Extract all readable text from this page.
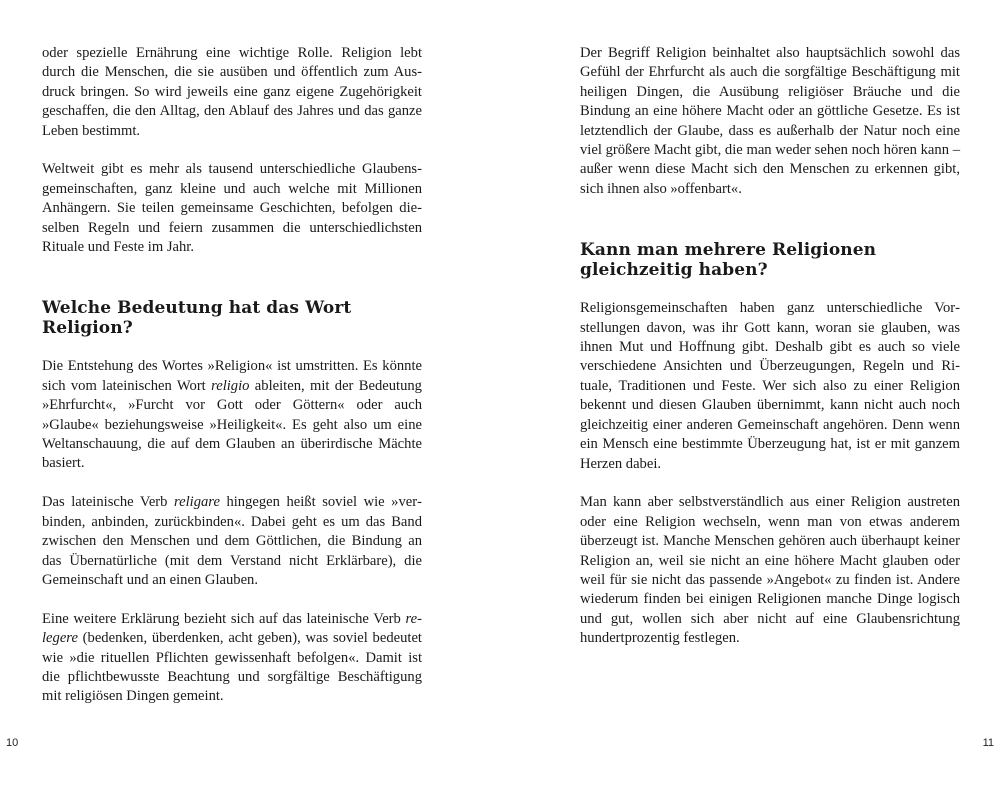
oder spezielle Ernährung eine wichtige Rolle. Religion lebt durch die Menschen, die sie ausüben und öffentlich zum Ausdruck bringen. So wird jeweils eine ganz eigene Zugehörigkeit geschaffen, die den Alltag, den Ablauf des Jahres und das ganze Leben bestimmt.

Weltweit gibt es mehr als tausend unterschiedliche Glaubensgemeinschaften, ganz kleine und auch welche mit Millionen Anhängern. Sie teilen gemeinsame Geschichten, befolgen dieselben Regeln und feiern zusammen die unterschiedlichsten Rituale und Feste im Jahr.

Welche Bedeutung hat das Wort Religion?

Die Entstehung des Wortes »Religion« ist umstritten. Es könnte sich vom lateinischen Wort religio ableiten, mit der Bedeutung »Ehrfurcht«, »Furcht vor Gott oder Göttern« oder auch »Glaube« beziehungsweise »Heiligkeit«. Es geht also um eine Weltanschauung, die auf dem Glauben an überirdische Mächte basiert.

Das lateinische Verb religare hingegen heißt soviel wie »verbinden, anbinden, zurückbinden«. Dabei geht es um das Band zwischen den Menschen und dem Göttlichen, die Bindung an das Übernatürliche (mit dem Verstand nicht Erklärbare), die Gemeinschaft und an einen Glauben.

Eine weitere Erklärung bezieht sich auf das lateinische Verb relegere (bedenken, überdenken, acht geben), was soviel bedeutet wie »die rituellen Pflichten gewissenhaft befolgen«. Damit ist die pflichtbewusste Beachtung und sorgfältige Beschäftigung mit religiösen Dingen gemeint.

Der Begriff Religion beinhaltet also hauptsächlich sowohl das Gefühl der Ehrfurcht als auch die sorgfältige Beschäftigung mit heiligen Dingen, die Ausübung religiöser Bräuche und die Bindung an eine höhere Macht oder an göttliche Gesetze. Es ist letztendlich der Glaube, dass es außerhalb der Natur noch eine viel größere Macht gibt, die man weder sehen noch hören kann – außer wenn diese Macht sich den Menschen zu erkennen gibt, sich ihnen also »offenbart«.

Kann man mehrere Religionen gleichzeitig haben?

Religionsgemeinschaften haben ganz unterschiedliche Vorstellungen davon, was ihr Gott kann, woran sie glauben, was ihnen Mut und Hoffnung gibt. Deshalb gibt es auch so viele verschiedene Ansichten und Überzeugungen, Regeln und Rituale, Traditionen und Feste. Wer sich also zu einer Religion bekennt und diesen Glauben übernimmt, kann nicht auch noch gleichzeitig einer anderen Gemeinschaft angehören. Denn wenn ein Mensch eine bestimmte Überzeugung hat, ist er mit ganzem Herzen dabei.

Man kann aber selbstverständlich aus einer Religion austreten oder eine Religion wechseln, wenn man von etwas anderem überzeugt ist. Manche Menschen gehören auch überhaupt keiner Religion an, weil sie nicht an eine höhere Macht glauben oder weil für sie nicht das passende »Angebot« zu finden ist. Andere wiederum finden bei einigen Religionen manche Dinge logisch und gut, wollen sich aber nicht auf eine Glaubensrichtung hundertprozentig festlegen.

10	11
